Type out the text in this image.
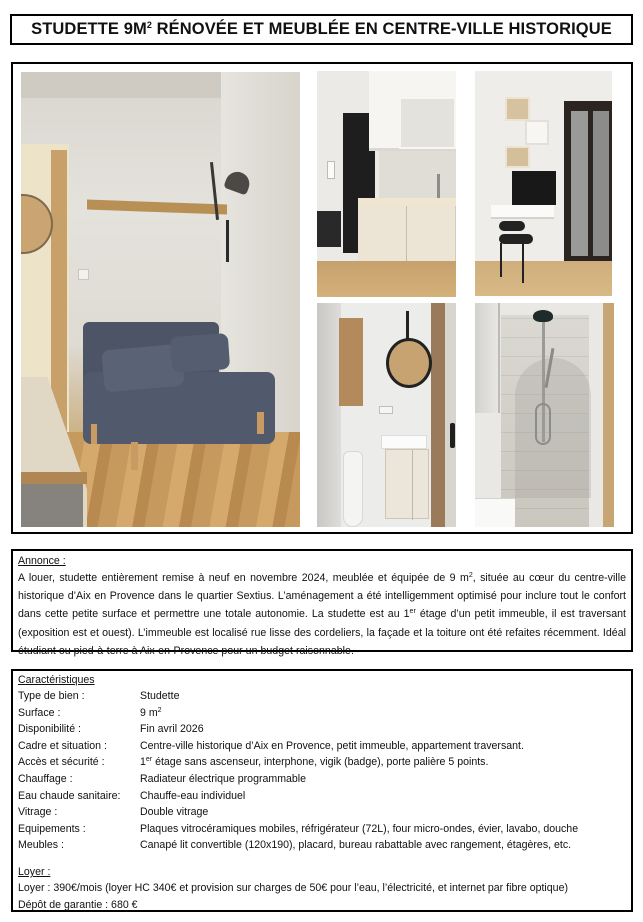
STUDETTE $9M^2$ RÉNOVÉE ET MEUBLÉE EN CENTRE-VILLE HISTORIQUE
Annonce :

A louer, studette entièrement remise à neuf en novembre 2024, meublée et équipée de 9 $m^2$, située au cœur du centre-ville historique d’Aix en Provence dans le quartier Sextius. L’aménagement a été intelligemment optimisé pour inclure tout le confort dans cette petite surface et permettre une totale autonomie. La studette est au 1er étage d’un petit immeuble, il est traversant (exposition est et ouest). L’immeuble est localisé rue lisse des cordeliers, la façade et la toiture ont été refaites récemment. Idéal étudiant ou pied-à-terre à Aix-en-Provence pour un budget raisonnable.

Caractéristiques
Type de bien :	Studette
Surface :	9 $m^2$
Disponibilité :	Fin avril 2026
Cadre et situation :	Centre-ville historique d’Aix en Provence, petit immeuble, appartement traversant.
Accès et sécurité :	1er étage sans ascenseur, interphone, vigik (badge), porte palière 5 points.
Chauffage :	Radiateur électrique programmable
Eau chaude sanitaire:	Chauffe-eau individuel
Vitrage :	Double vitrage
Equipements :	Plaques vitrocéramiques mobiles, réfrigérateur (72L), four micro-ondes, évier, lavabo, douche
Meubles :	Canapé lit convertible (120x190), placard, bureau rabattable avec rangement, étagères, etc.
Loyer :
Loyer : 390€/mois (loyer HC 340€ et provision sur charges de 50€ pour l’eau, l’électricité, et internet par fibre optique)
Dépôt de garantie : 680 €
